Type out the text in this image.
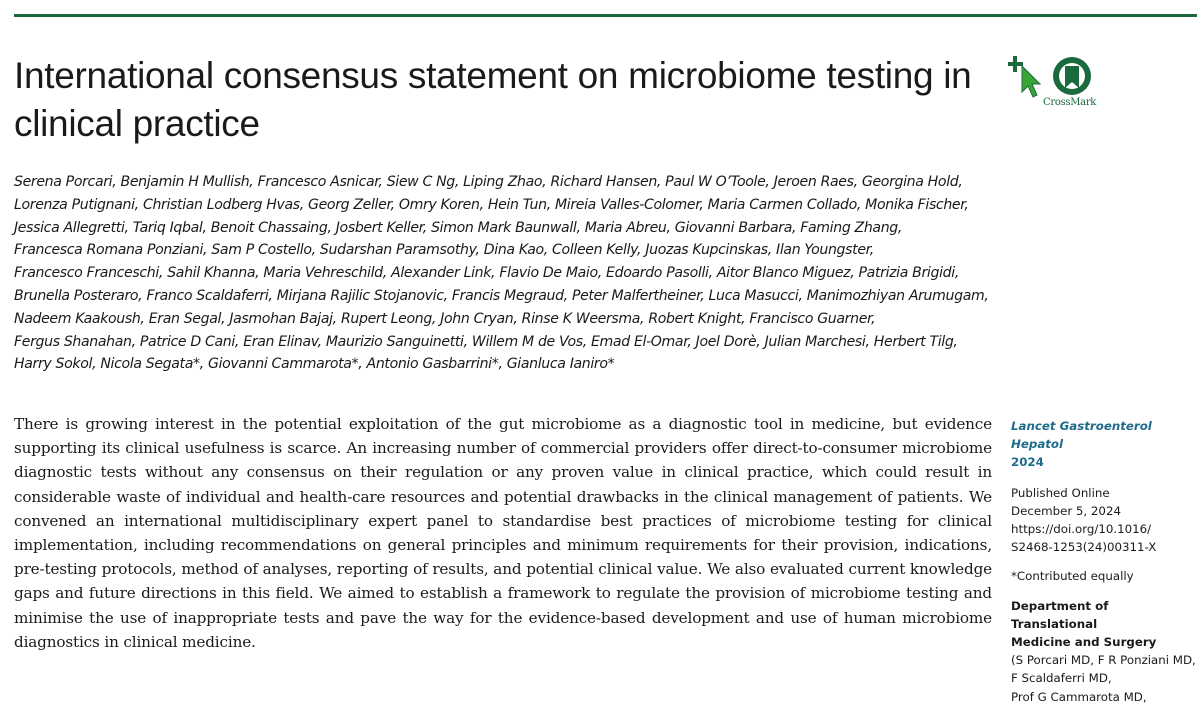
International consensus statement on microbiome testing in clinical practice
CrossMark
Serena Porcari, Benjamin H Mullish, Francesco Asnicar, Siew C Ng, Liping Zhao, Richard Hansen, Paul W O’Toole, Jeroen Raes, Georgina Hold, Lorenza Putignani, Christian Lodberg Hvas, Georg Zeller, Omry Koren, Hein Tun, Mireia Valles-Colomer, Maria Carmen Collado, Monika Fischer, Jessica Allegretti, Tariq Iqbal, Benoit Chassaing, Josbert Keller, Simon Mark Baunwall, Maria Abreu, Giovanni Barbara, Faming Zhang, Francesca Romana Ponziani, Sam P Costello, Sudarshan Paramsothy, Dina Kao, Colleen Kelly, Juozas Kupcinskas, Ilan Youngster, Francesco Franceschi, Sahil Khanna, Maria Vehreschild, Alexander Link, Flavio De Maio, Edoardo Pasolli, Aitor Blanco Miguez, Patrizia Brigidi, Brunella Posteraro, Franco Scaldaferri, Mirjana Rajilic Stojanovic, Francis Megraud, Peter Malfertheiner, Luca Masucci, Manimozhiyan Arumugam, Nadeem Kaakoush, Eran Segal, Jasmohan Bajaj, Rupert Leong, John Cryan, Rinse K Weersma, Robert Knight, Francisco Guarner, Fergus Shanahan, Patrice D Cani, Eran Elinav, Maurizio Sanguinetti, Willem M de Vos, Emad El-Omar, Joel Dorè, Julian Marchesi, Herbert Tilg, Harry Sokol, Nicola Segata*, Giovanni Cammarota*, Antonio Gasbarrini*, Gianluca Ianiro*
There is growing interest in the potential exploitation of the gut microbiome as a diagnostic tool in medicine, but evidence supporting its clinical usefulness is scarce. An increasing number of commercial providers offer direct-to-consumer microbiome diagnostic tests without any consensus on their regulation or any proven value in clinical practice, which could result in considerable waste of individual and health-care resources and potential drawbacks in the clinical management of patients. We convened an international multidisciplinary expert panel to standardise best practices of microbiome testing for clinical implementation, including recommendations on general principles and minimum requirements for their provision, indications, pre-testing protocols, method of analyses, reporting of results, and potential clinical value. We also evaluated current knowledge gaps and future directions in this field. We aimed to establish a framework to regulate the provision of microbiome testing and minimise the use of inappropriate tests and pave the way for the evidence-based development and use of human microbiome diagnostics in clinical medicine.
Lancet Gastroenterol Hepatol
2024
Published Online
December 5, 2024
https://doi.org/10.1016/
S2468-1253(24)00311-X
*Contributed equally
Department of Translational
Medicine and Surgery
(S Porcari MD, F R Ponziani MD,
F Scaldaferri MD,
Prof G Cammarota MD,
